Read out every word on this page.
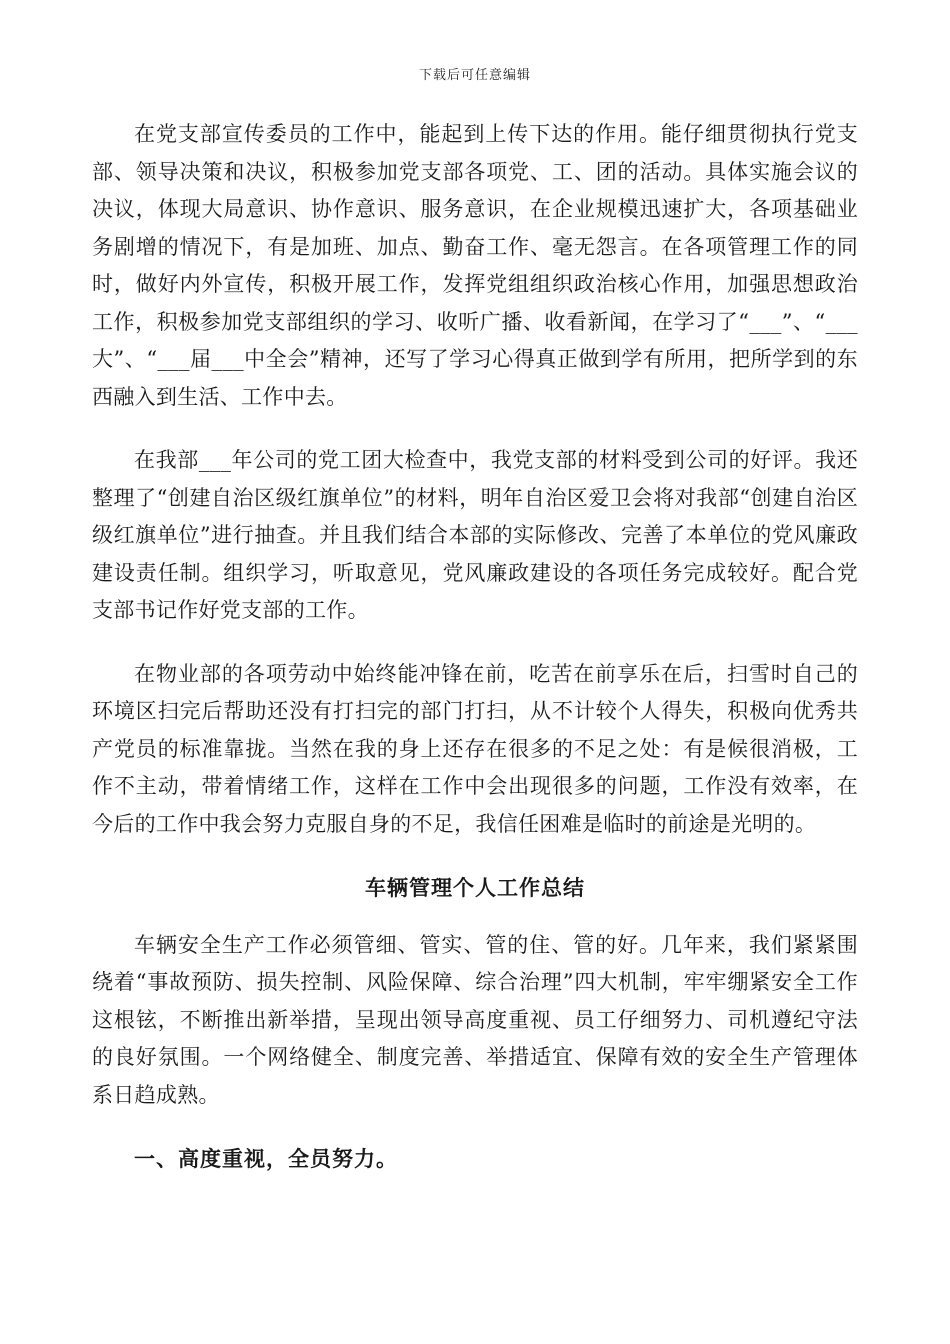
下载后可任意编辑

在党支部宣传委员的工作中，能起到上传下达的作用。能仔细贯彻执行党支部、领导决策和决议，积极参加党支部各项党、工、团的活动。具体实施会议的决议，体现大局意识、协作意识、服务意识，在企业规模迅速扩大，各项基础业务剧增的情况下，有是加班、加点、勤奋工作、毫无怨言。在各项管理工作的同时，做好内外宣传，积极开展工作，发挥党组组织政治核心作用，加强思想政治工作，积极参加党支部组织的学习、收听广播、收看新闻，在学习了“___”、“___大”、“___届___中全会”精神，还写了学习心得真正做到学有所用，把所学到的东西融入到生活、工作中去。

在我部___年公司的党工团大检查中，我党支部的材料受到公司的好评。我还整理了“创建自治区级红旗单位”的材料，明年自治区爱卫会将对我部“创建自治区级红旗单位”进行抽查。并且我们结合本部的实际修改、完善了本单位的党风廉政建设责任制。组织学习，听取意见，党风廉政建设的各项任务完成较好。配合党支部书记作好党支部的工作。

在物业部的各项劳动中始终能冲锋在前，吃苦在前享乐在后，扫雪时自己的环境区扫完后帮助还没有打扫完的部门打扫，从不计较个人得失，积极向优秀共产党员的标准靠拢。当然在我的身上还存在很多的不足之处：有是候很消极，工作不主动，带着情绪工作，这样在工作中会出现很多的问题，工作没有效率，在今后的工作中我会努力克服自身的不足，我信任困难是临时的前途是光明的。

车辆管理个人工作总结

车辆安全生产工作必须管细、管实、管的住、管的好。几年来，我们紧紧围绕着“事故预防、损失控制、风险保障、综合治理”四大机制，牢牢绷紧安全工作这根铉，不断推出新举措，呈现出领导高度重视、员工仔细努力、司机遵纪守法的良好氛围。一个网络健全、制度完善、举措适宜、保障有效的安全生产管理体系日趋成熟。

一、高度重视，全员努力。
